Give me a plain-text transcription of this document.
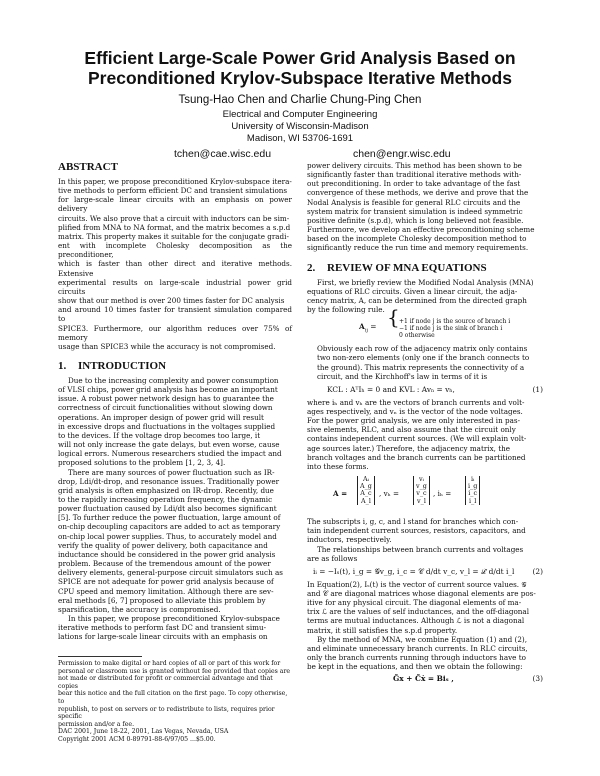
Efficient Large-Scale Power Grid Analysis Based on
Preconditioned Krylov-Subspace Iterative Methods
Tsung-Hao Chen and Charlie Chung-Ping Chen
Electrical and Computer Engineering
University of Wisconsin-Madison
Madison, WI 53706-1691
tchen@cae.wisc.edu	chen@engr.wisc.edu
ABSTRACT
In this paper, we propose preconditioned Krylov-subspace itera-
tive methods to perform efficient DC and transient simulations
for large-scale linear circuits with an emphasis on power delivery
circuits. We also prove that a circuit with inductors can be sim-
plified from MNA to NA format, and the matrix becomes a s.p.d
matrix. This property makes it suitable for the conjugate gradi-
ent with incomplete Cholesky decomposition as the preconditioner,
which is faster than other direct and iterative methods. Extensive
experimental results on large-scale industrial power grid circuits
show that our method is over 200 times faster for DC analysis
and around 10 times faster for transient simulation compared to
SPICE3. Furthermore, our algorithm reduces over 75% of memory
usage than SPICE3 while the accuracy is not compromised.
1. INTRODUCTION
Due to the increasing complexity and power consumption
of VLSI chips, power grid analysis has become an important
issue. A robust power network design has to guarantee the
correctness of circuit functionalities without slowing down
operations. An improper design of power grid will result
in excessive drops and fluctuations in the voltages supplied
to the devices. If the voltage drop becomes too large, it
will not only increase the gate delays, but even worse, cause
logical errors. Numerous researchers studied the impact and
proposed solutions to the problem [1, 2, 3, 4].
There are many sources of power fluctuation such as IR-
drop, Ldi/dt-drop, and resonance issues. Traditionally power
grid analysis is often emphasized on IR-drop. Recently, due
to the rapidly increasing operation frequency, the dynamic
power fluctuation caused by Ldi/dt also becomes significant
[5]. To further reduce the power fluctuation, large amount of
on-chip decoupling capacitors are added to act as temporary
on-chip local power supplies. Thus, to accurately model and
verify the quality of power delivery, both capacitance and
inductance should be considered in the power grid analysis
problem. Because of the tremendous amount of the power
delivery elements, general-purpose circuit simulators such as
SPICE are not adequate for power grid analysis because of
CPU speed and memory limitation. Although there are sev-
eral methods [6, 7] proposed to alleviate this problem by
sparsification, the accuracy is compromised.
In this paper, we propose preconditioned Krylov-subspace
iterative methods to perform fast DC and transient simu-
lations for large-scale linear circuits with an emphasis on
Permission to make digital or hard copies of all or part of this work for
personal or classroom use is granted without fee provided that copies are
not made or distributed for profit or commercial advantage and that copies
bear this notice and the full citation on the first page. To copy otherwise, to
republish, to post on servers or to redistribute to lists, requires prior specific
permission and/or a fee.
DAC 2001, June 18-22, 2001, Las Vegas, Nevada, USA
Copyright 2001 ACM 0-89791-88-6/97/05 ...$5.00.
power delivery circuits. This method has been shown to be
significantly faster than traditional iterative methods with-
out preconditioning. In order to take advantage of the fast
convergence of these methods, we derive and prove that the
Nodal Analysis is feasible for general RLC circuits and the
system matrix for transient simulation is indeed symmetric
positive definite (s.p.d), which is long believed not feasible.
Furthermore, we develop an effective preconditioning scheme
based on the incomplete Cholesky decomposition method to
significantly reduce the run time and memory requirements.
2. REVIEW OF MNA EQUATIONS
First, we briefly review the Modified Nodal Analysis (MNA)
equations of RLC circuits. Given a linear circuit, the adja-
cency matrix, A, can be determined from the directed graph
by the following rule.
$A_{ij}$ = { +1 if node j is the source of branch i
−1 if node j is the sink of branch i
0 otherwise
Obviously each row of the adjacency matrix only contains
two non-zero elements (only one if the branch connects to
the ground). This matrix represents the connectivity of a
circuit, and the Kirchhoff's law in terms of it is
KCL : AᵀIₕ = 0 and KVL : Avₙ = vₕ,	(1)
where iₕ and vₕ are the vectors of branch currents and volt-
ages respectively, and vₙ is the vector of the node voltages.
For the power grid analysis, we are only interested in pas-
sive elements, RLC, and also assume that the circuit only
contains independent current sources. (We will explain volt-
age sources later.) Therefore, the adjacency matrix, the
branch voltages and the branch currents can be partitioned
into these forms.
A =
Aᵢ
A_g
A_c
A_l
, vₕ =
vᵢ
v_g
v_c
v_l
, iₕ =
iᵢ
i_g
i_c
i_l
The subscripts i, g, c, and l stand for branches which con-
tain independent current sources, resistors, capacitors, and
inductors, respectively.
The relationships between branch currents and voltages
are as follows
iᵢ = −Iₛ(t), i_g = 𝒢v_g, i_c = 𝒞 d/dt v_c, v_l = ℒ d/dt i_l (2)
In Equation(2), Iₛ(t) is the vector of current source values. 𝒢
and 𝒞 are diagonal matrices whose diagonal elements are pos-
itive for any physical circuit. The diagonal elements of ma-
trix ℒ are the values of self inductances, and the off-diagonal
terms are mutual inductances. Although ℒ is not a diagonal
matrix, it still satisfies the s.p.d property.
By the method of MNA, we combine Equation (1) and (2),
and eliminate unnecessary branch currents. In RLC circuits,
only the branch currents running through inductors have to
be kept in the equations, and then we obtain the following:
G̃x + C̃ẋ = Biₛ ,	(3)
